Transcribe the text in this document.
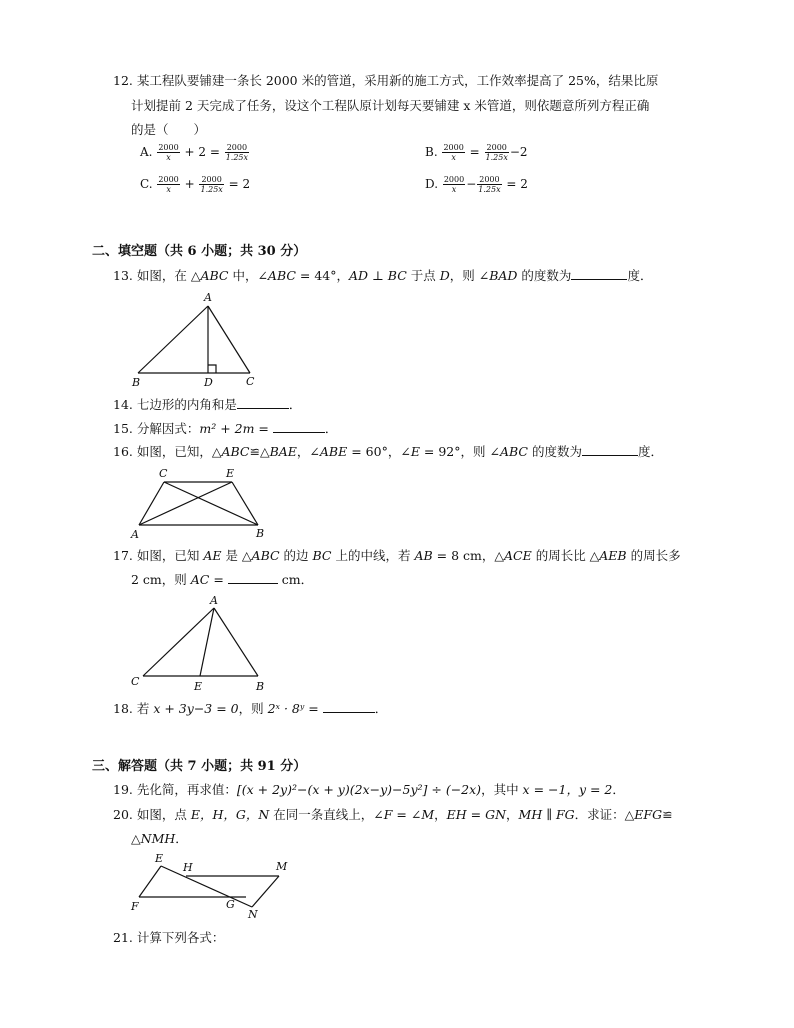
12. 某工程队要铺建一条长 2000 米的管道，采用新的施工方式，工作效率提高了 25%，结果比原
计划提前 2 天完成了任务，设这个工程队原计划每天要铺建 x 米管道，则依题意所列方程正确
的是（　　）
A. $\frac{2000}{x} + 2 = \frac{2000}{1.25x}$	B. $\frac{2000}{x} = \frac{2000}{1.25x} -2$
C. $\frac{2000}{x} + \frac{2000}{1.25x} = 2$	D. $\frac{2000}{x} - \frac{2000}{1.25x} = 2$
二、填空题（共 6 小题；共 30 分）
13. 如图，在 △ABC 中，∠ABC = 44°，AD ⊥ BC 于点 D，则 ∠BAD 的度数为	度．
A
B	D	C
14. 七边形的内角和是	．
15. 分解因式：m² + 2m =	．
16. 如图，已知，△ABC≌△BAE，∠ABE = 60°，∠E = 92°，则 ∠ABC 的度数为	度．
C	E
A	B
17. 如图，已知 AE 是 △ABC 的边 BC 上的中线，若 AB = 8 cm，△ACE 的周长比 △AEB 的周长多
2 cm，则 AC =	cm．
A
C	E	B
18. 若 x + 3y−3 = 0，则 2ˣ · 8ʸ =	．
三、解答题（共 7 小题；共 91 分）
19. 先化简，再求值：[(x + 2y)²−(x + y)(2x−y)−5y²] ÷ (−2x)，其中 x = −1，y = 2．
20. 如图，点 E，H，G，N 在同一条直线上，∠F = ∠M，EH = GN，MH ∥ FG．求证：△EFG≌
△NMH．
E
H	M
F	G
N
21. 计算下列各式：
